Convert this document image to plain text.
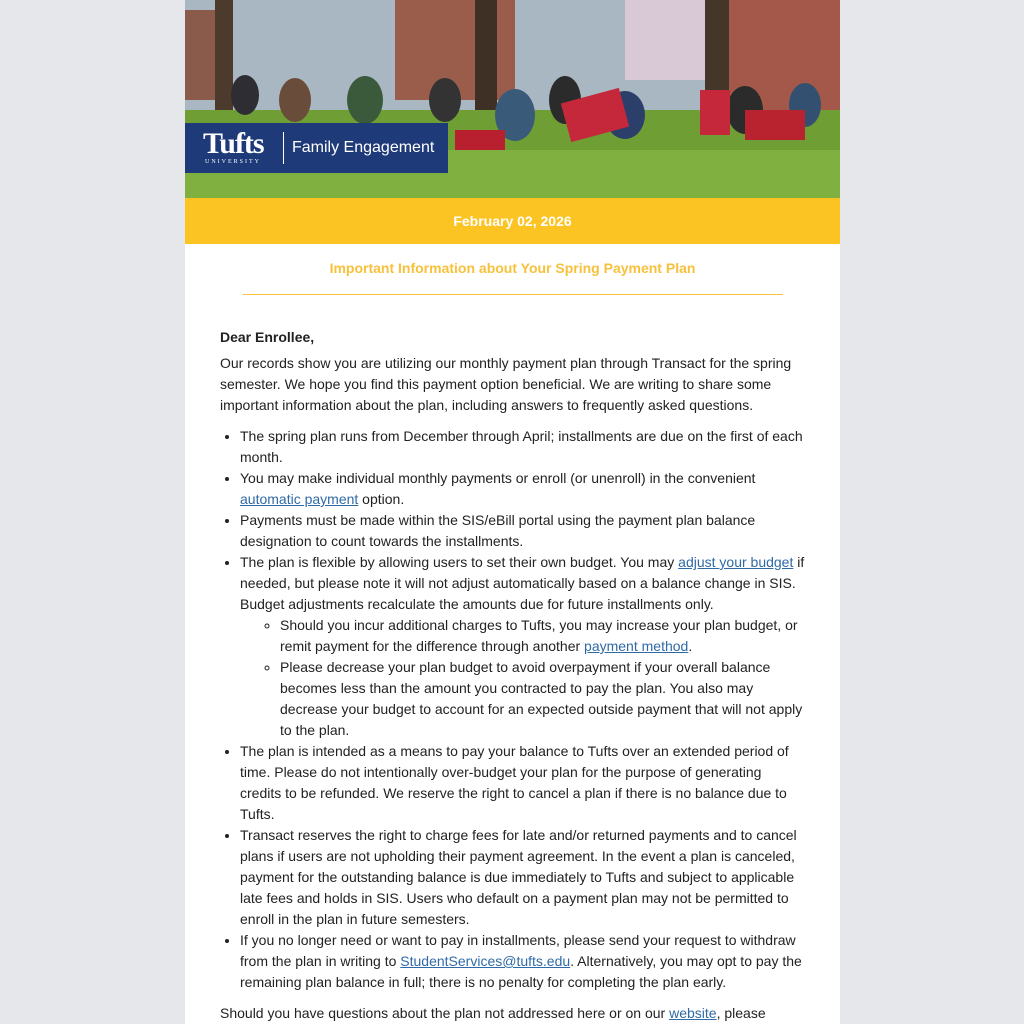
Tufts
UNIVERSITY
Family Engagement
February 02, 2026
Important Information about Your Spring Payment Plan
Dear Enrollee,
Our records show you are utilizing our monthly payment plan through Transact for the spring semester. We hope you find this payment option beneficial. We are writing to share some important information about the plan, including answers to frequently asked questions.
• The spring plan runs from December through April; installments are due on the first of each month.
• You may make individual monthly payments or enroll (or unenroll) in the convenient automatic payment option.
• Payments must be made within the SIS/eBill portal using the payment plan balance designation to count towards the installments.
• The plan is flexible by allowing users to set their own budget. You may adjust your budget if needed, but please note it will not adjust automatically based on a balance change in SIS. Budget adjustments recalculate the amounts due for future installments only.
◦ Should you incur additional charges to Tufts, you may increase your plan budget, or remit payment for the difference through another payment method.
◦ Please decrease your plan budget to avoid overpayment if your overall balance becomes less than the amount you contracted to pay the plan. You also may decrease your budget to account for an expected outside payment that will not apply to the plan.
• The plan is intended as a means to pay your balance to Tufts over an extended period of time. Please do not intentionally over-budget your plan for the purpose of generating credits to be refunded. We reserve the right to cancel a plan if there is no balance due to Tufts.
• Transact reserves the right to charge fees for late and/or returned payments and to cancel plans if users are not upholding their payment agreement. In the event a plan is canceled, payment for the outstanding balance is due immediately to Tufts and subject to applicable late fees and holds in SIS. Users who default on a payment plan may not be permitted to enroll in the plan in future semesters.
• If you no longer need or want to pay in installments, please send your request to withdraw from the plan in writing to StudentServices@tufts.edu. Alternatively, you may opt to pay the remaining plan balance in full; there is no penalty for completing the plan early.
Should you have questions about the plan not addressed here or on our website, please
